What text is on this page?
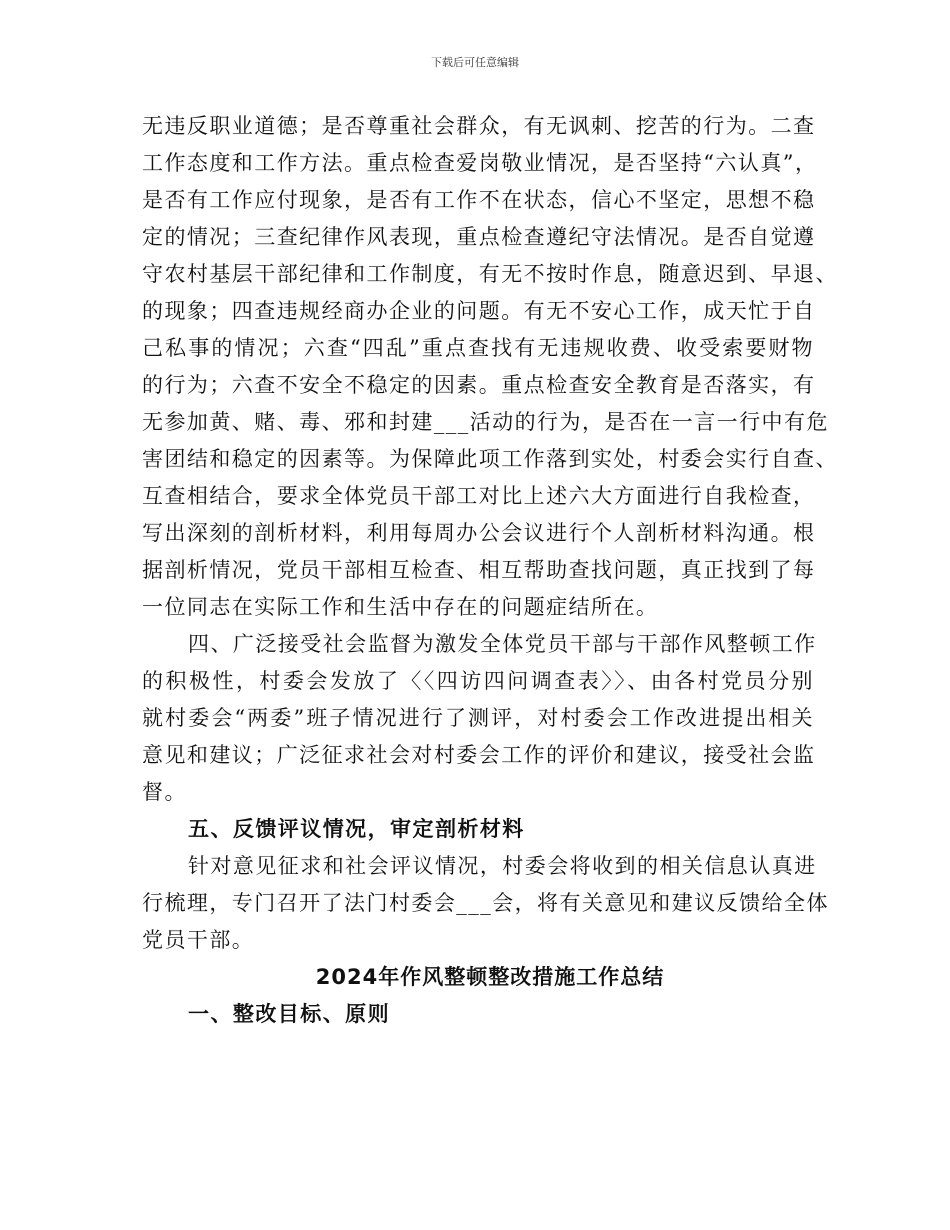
下载后可任意编辑
无违反职业道德；是否尊重社会群众，有无讽刺、挖苦的行为。二查
工作态度和工作方法。重点检查爱岗敬业情况，是否坚持“六认真”，
是否有工作应付现象，是否有工作不在状态，信心不坚定，思想不稳
定的情况；三查纪律作风表现，重点检查遵纪守法情况。是否自觉遵
守农村基层干部纪律和工作制度，有无不按时作息，随意迟到、早退、
的现象；四查违规经商办企业的问题。有无不安心工作，成天忙于自
己私事的情况；六查“四乱”重点查找有无违规收费、收受索要财物
的行为；六查不安全不稳定的因素。重点检查安全教育是否落实，有
无参加黄、赌、毒、邪和封建___活动的行为，是否在一言一行中有危
害团结和稳定的因素等。为保障此项工作落到实处，村委会实行自查、
互查相结合，要求全体党员干部工对比上述六大方面进行自我检查，
写出深刻的剖析材料，利用每周办公会议进行个人剖析材料沟通。根
据剖析情况，党员干部相互检查、相互帮助查找问题，真正找到了每
一位同志在实际工作和生活中存在的问题症结所在。
四、广泛接受社会监督为激发全体党员干部与干部作风整顿工作
的积极性，村委会发放了〈〈四访四问调查表〉〉、由各村党员分别
就村委会“两委”班子情况进行了测评，对村委会工作改进提出相关
意见和建议；广泛征求社会对村委会工作的评价和建议，接受社会监
督。
五、反馈评议情况，审定剖析材料
针对意见征求和社会评议情况，村委会将收到的相关信息认真进
行梳理，专门召开了法门村委会___会，将有关意见和建议反馈给全体
党员干部。
2024年作风整顿整改措施工作总结
一、整改目标、原则
